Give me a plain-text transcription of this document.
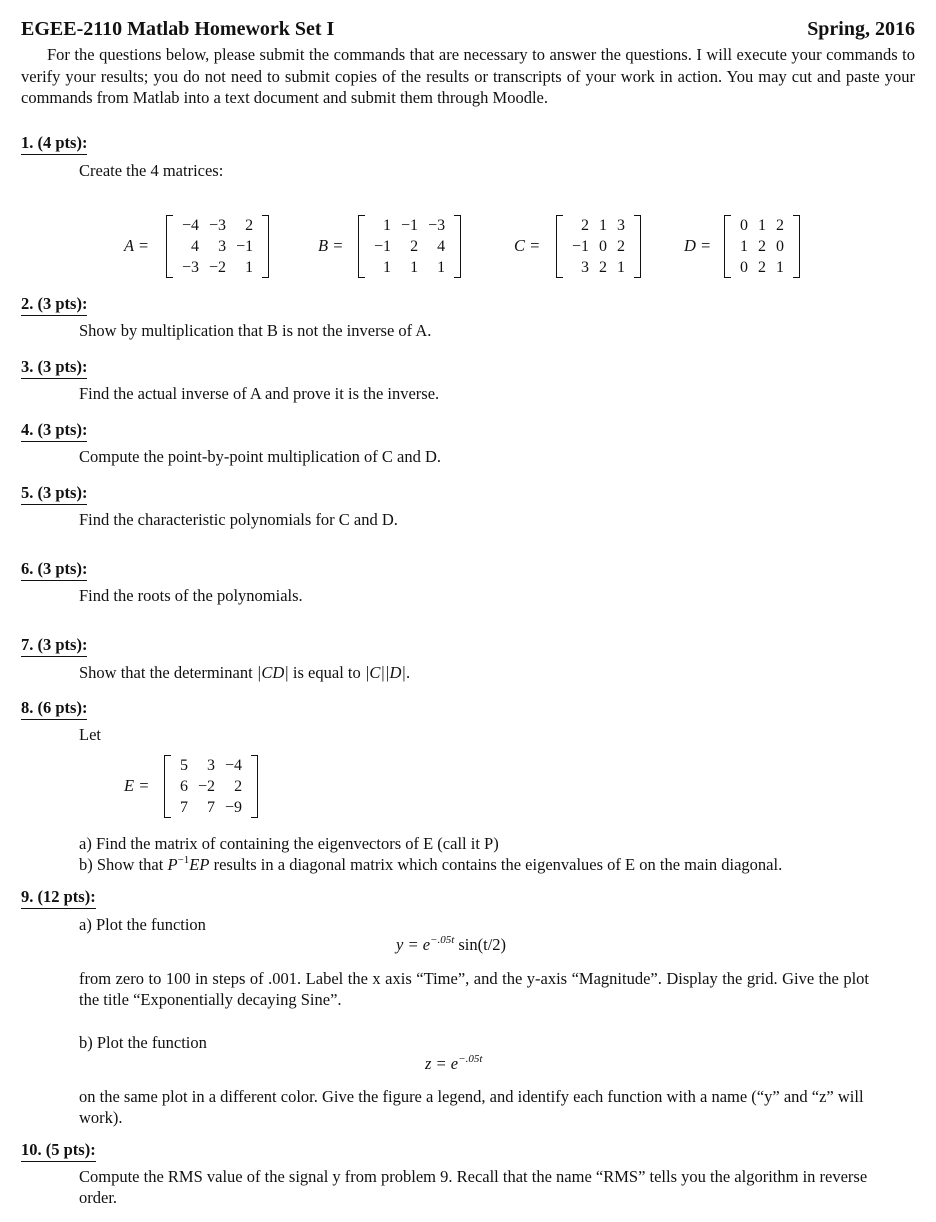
EGEE-2110 Matlab Homework Set I	Spring, 2016
For the questions below, please submit the commands that are necessary to answer the questions. I will execute your commands to verify your results; you do not need to submit copies of the results or transcripts of your work in action. You may cut and paste your commands from Matlab into a text document and submit them through Moodle.
1. (4 pts):
Create the 4 matrices:
A =
−4	−3	2
4	3	−1
−3	−2	1
B =
1	−1	−3
−1	2	4
1	1	1
C =
2	1	3
−1	0	2
3	2	1
D =
0	1	2
1	2	0
0	2	1
2. (3 pts):
Show by multiplication that B is not the inverse of A.
3. (3 pts):
Find the actual inverse of A and prove it is the inverse.
4. (3 pts):
Compute the point-by-point multiplication of C and D.
5. (3 pts):
Find the characteristic polynomials for C and D.
6. (3 pts):
Find the roots of the polynomials.
7. (3 pts):
Show that the determinant |CD| is equal to |C||D|.
8. (6 pts):
Let
E =
5	3	−4
6	−2	2
7	7	−9
a) Find the matrix of containing the eigenvectors of E (call it P)
b) Show that $P^{-1}EP$ results in a diagonal matrix which contains the eigenvalues of E on the main diagonal.
9. (12 pts):
a) Plot the function
$y = e^{-.05t}$ sin(t/2)
from zero to 100 in steps of .001. Label the x axis “Time”, and the y-axis “Magnitude”. Display the grid. Give the plot the title “Exponentially decaying Sine”.
b) Plot the function
$z = e^{-.05t}$
on the same plot in a different color. Give the figure a legend, and identify each function with a name (“y” and “z” will work).
10. (5 pts):
Compute the RMS value of the signal y from problem 9. Recall that the name “RMS” tells you the algorithm in reverse order.
